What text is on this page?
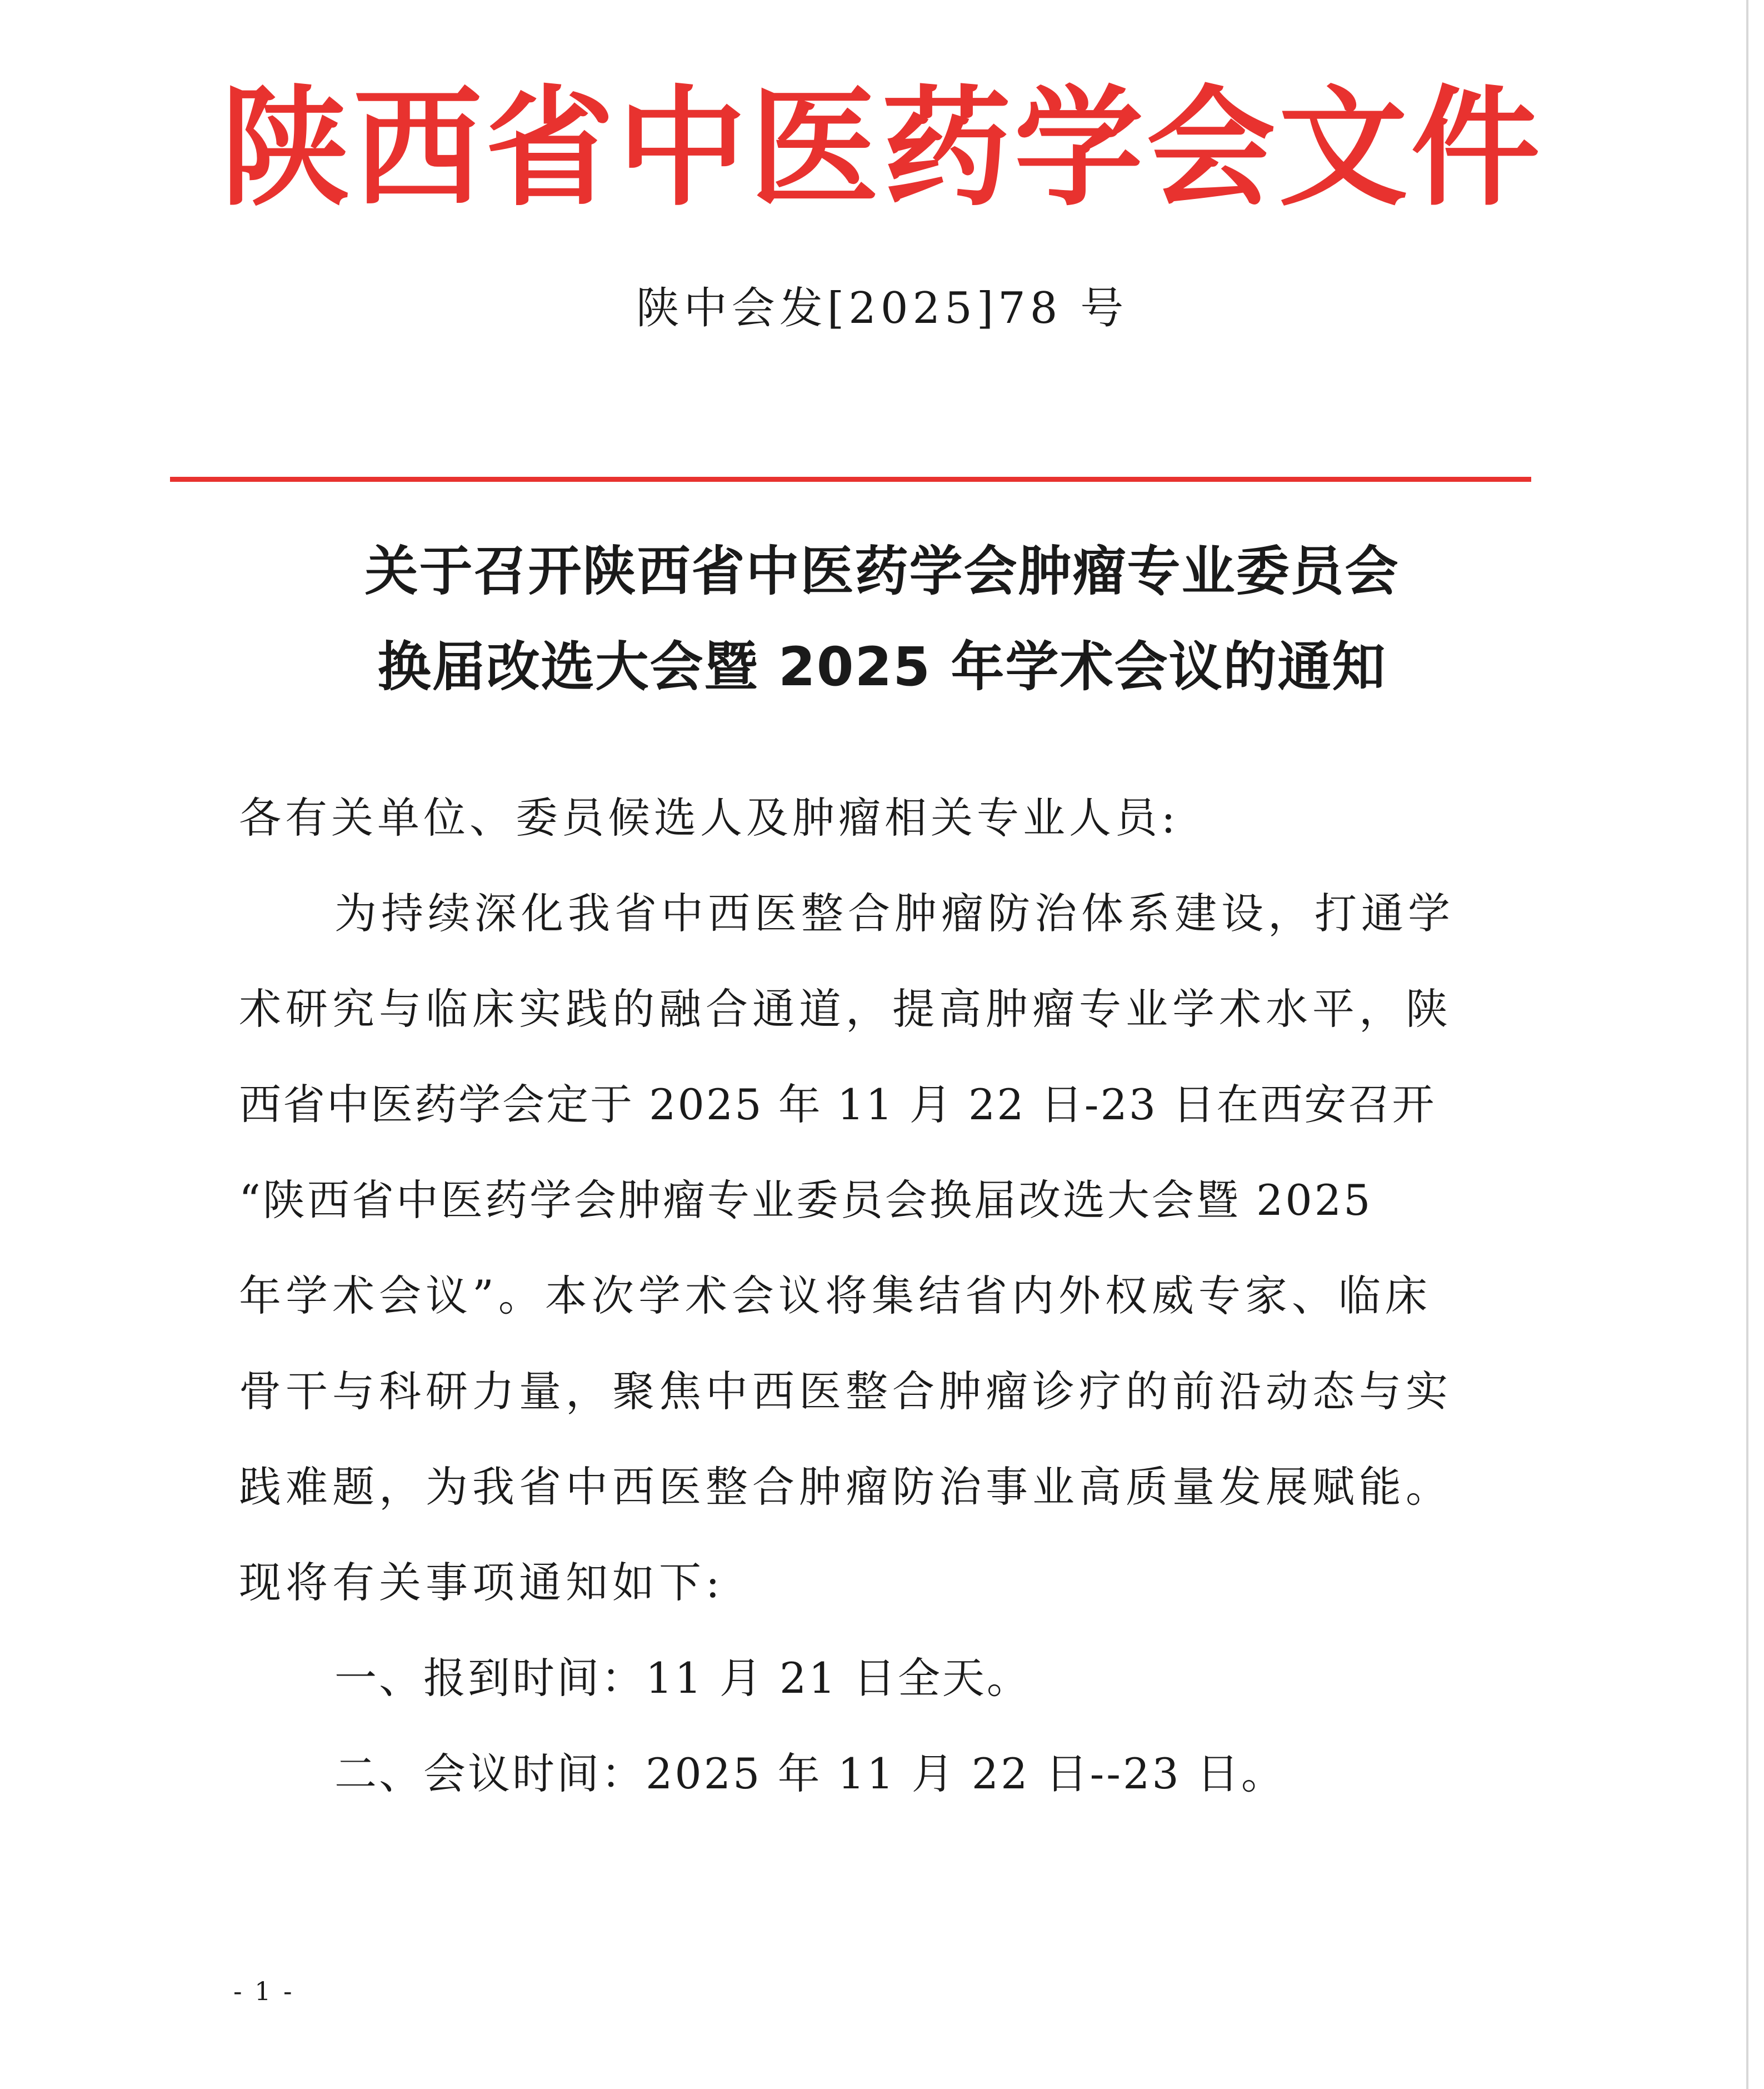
陕西省中医药学会文件
陕中会发[2025]78 号
关于召开陕西省中医药学会肿瘤专业委员会
换届改选大会暨 2025 年学术会议的通知
各有关单位、委员候选人及肿瘤相关专业人员:
为持续深化我省中西医整合肿瘤防治体系建设，打通学
术研究与临床实践的融合通道，提高肿瘤专业学术水平，陕
西省中医药学会定于 2025 年 11 月 22 日-23 日在西安召开
“陕西省中医药学会肿瘤专业委员会换届改选大会暨 2025
年学术会议”。本次学术会议将集结省内外权威专家、临床
骨干与科研力量，聚焦中西医整合肿瘤诊疗的前沿动态与实
践难题，为我省中西医整合肿瘤防治事业高质量发展赋能。
现将有关事项通知如下:
一、报到时间：11 月 21 日全天。
二、会议时间：2025 年 11 月 22 日--23 日。
- 1 -
